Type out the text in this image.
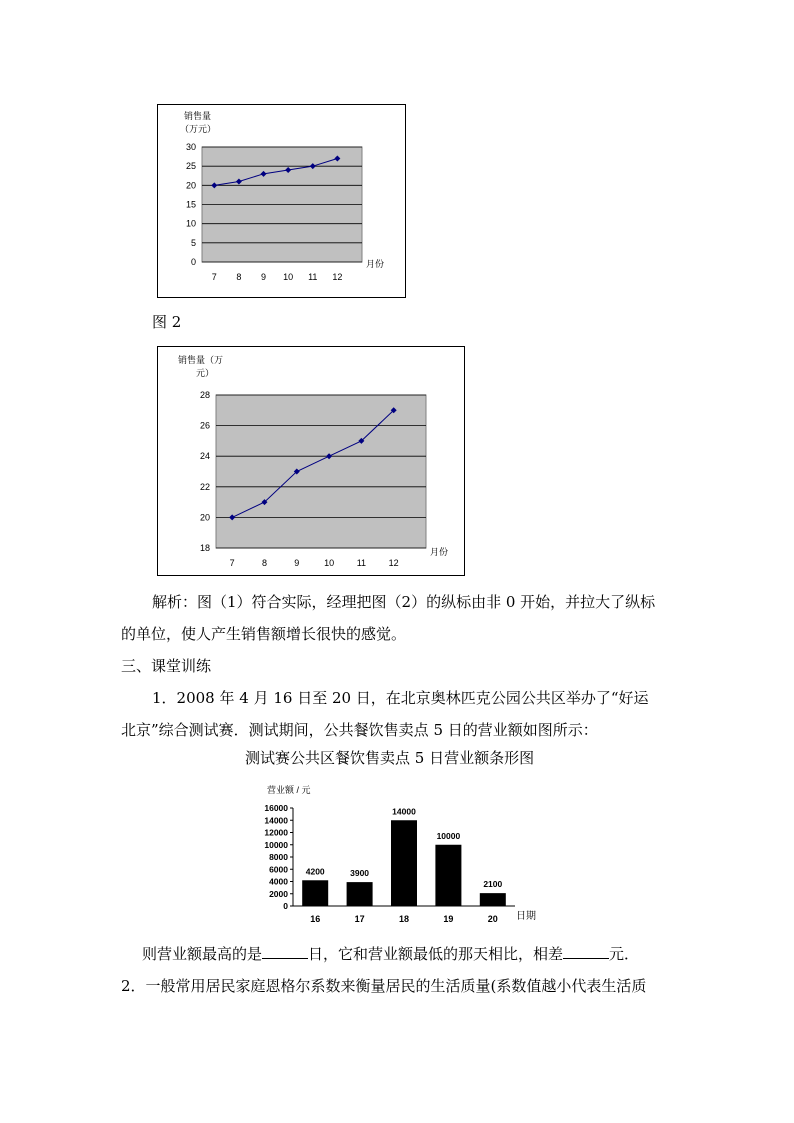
销售量
（万元）
月份
0
5
10
15
20
25
30
7 8 9 10 11 12
图 2
销售量（万
元）
月份
18
20
22
24
26
28
7	8	9	10	11	12
解析：图（1）符合实际，经理把图（2）的纵标由非 0 开始，并拉大了纵标
的单位，使人产生销售额增长很快的感觉。
三、课堂训练
1．2008 年 4 月 16 日至 20 日，在北京奥林匹克公园公共区举办了“好运
北京”综合测试赛．测试期间，公共餐饮售卖点 5 日的营业额如图所示：
测试赛公共区餐饮售卖点 5 日营业额条形图
营业额 / 元
日期
0
2000
4000
6000
8000
10000
12000
14000
16000
4200
16
3900
17
14000
18
10000
19
2100
20
则营业额最高的是	日，它和营业额最低的那天相比，相差	元．
2．一般常用居民家庭恩格尔系数来衡量居民的生活质量(系数值越小代表生活质
